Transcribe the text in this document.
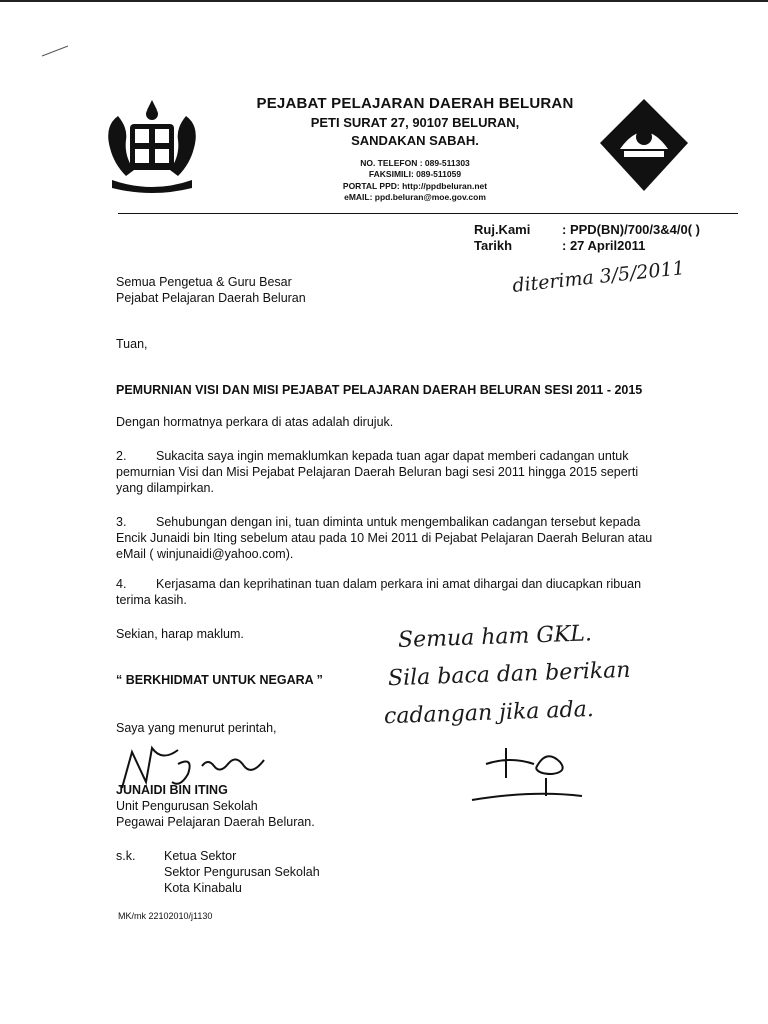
PEJABAT PELAJARAN DAERAH BELURAN
PETI SURAT 27, 90107 BELURAN,
SANDAKAN SABAH.
NO. TELEFON : 089-511303
FAKSIMILI: 089-511059
PORTAL PPD: http://ppdbeluran.net
eMAIL: ppd.beluran@moe.gov.com
Ruj.Kami : PPD(BN)/700/3&4/0( )
Tarikh	: 27 April2011
diterima 3/5/2011
Semua Pengetua & Guru Besar
Pejabat Pelajaran Daerah Beluran
Tuan,
PEMURNIAN VISI DAN MISI PEJABAT PELAJARAN DAERAH BELURAN SESI 2011 - 2015
Dengan hormatnya perkara di atas adalah dirujuk.
2. Sukacita saya ingin memaklumkan kepada tuan agar dapat memberi cadangan untuk
pemurnian Visi dan Misi Pejabat Pelajaran Daerah Beluran bagi sesi 2011 hingga 2015 seperti
yang dilampirkan.
3. Sehubungan dengan ini, tuan diminta untuk mengembalikan cadangan tersebut kepada
Encik Junaidi bin Iting sebelum atau pada 10 Mei 2011 di Pejabat Pelajaran Daerah Beluran atau
eMail ( winjunaidi@yahoo.com).
4. Kerjasama dan keprihatinan tuan dalam perkara ini amat dihargai dan diucapkan ribuan
terima kasih.
Sekian, harap maklum.
“ BERKHIDMAT UNTUK NEGARA ”
Saya yang menurut perintah,
Semua ham GKL.
Sila baca dan berikan
cadangan jika ada.
JUNAIDI BIN ITING
Unit Pengurusan Sekolah
Pegawai Pelajaran Daerah Beluran.
s.k. Ketua Sektor
Sektor Pengurusan Sekolah
Kota Kinabalu
MK/mk 22102010/j1130
